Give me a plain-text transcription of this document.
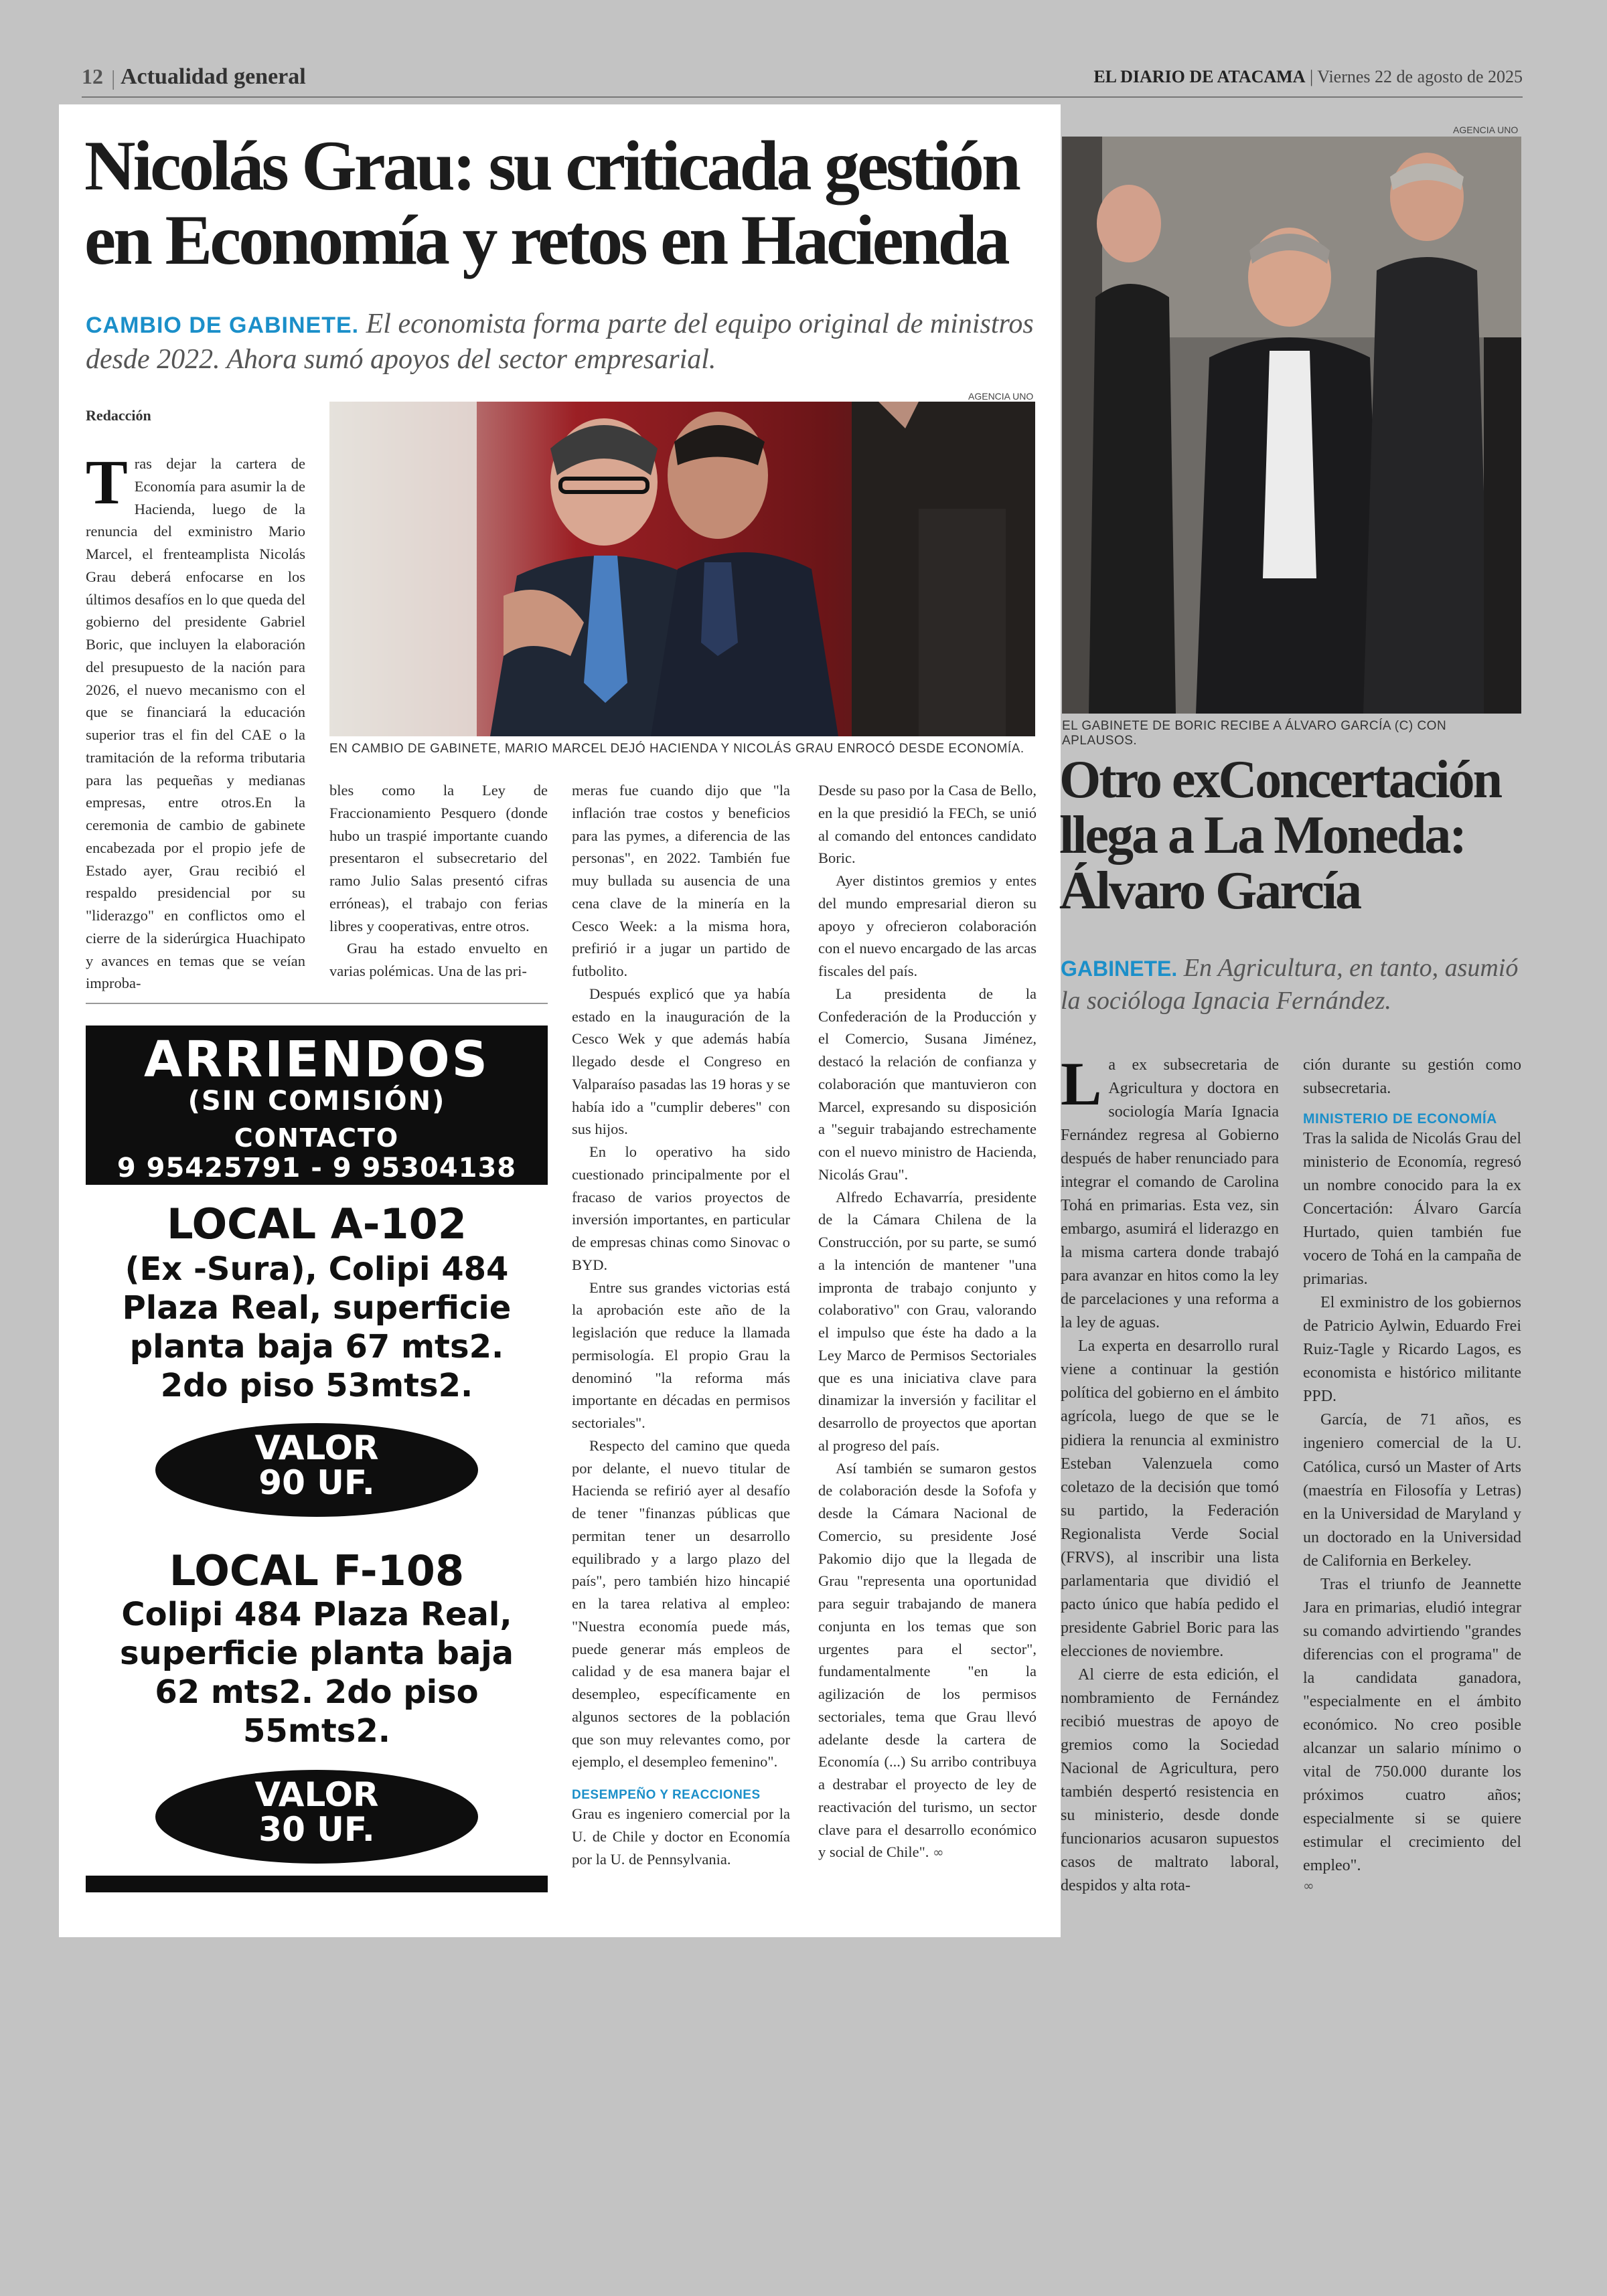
12 | Actualidad general	EL DIARIO DE ATACAMA | Viernes 22 de agosto de 2025
Nicolás Grau: su criticada gestión en Economía y retos en Hacienda

CAMBIO DE GABINETE. El economista forma parte del equipo original de ministros desde 2022. Ahora sumó apoyos del sector empresarial.

Redacción
AGENCIA UNO
EN CAMBIO DE GABINETE, MARIO MARCEL DEJÓ HACIENDA Y NICOLÁS GRAU ENROCÓ DESDE ECONOMÍA.

Tras dejar la cartera de Economía para asumir la de Hacienda, luego de la renuncia del exministro Mario Marcel, el frenteamplista Nicolás Grau deberá enfocarse en los últimos desafíos en lo que queda del gobierno del presidente Gabriel Boric, que incluyen la elaboración del presupuesto de la nación para 2026, el nuevo mecanismo con el que se financiará la educación superior tras el fin del CAE o la tramitación de la reforma tributaria para las pequeñas y medianas empresas, entre otros.En la ceremonia de cambio de gabinete encabezada por el propio jefe de Estado ayer, Grau recibió el respaldo presidencial por su "liderazgo" en conflictos omo el cierre de la siderúrgica Huachipato y avances en temas que se veían improba-

bles como la Ley de Fraccionamiento Pesquero (donde hubo un traspié importante cuando presentaron el subsecretario del ramo Julio Salas presentó cifras erróneas), el trabajo con ferias libres y cooperativas, entre otros.

Grau ha estado envuelto en varias polémicas. Una de las pri-

meras fue cuando dijo que "la inflación trae costos y beneficios para las pymes, a diferencia de las personas", en 2022. También fue muy bullada su ausencia de una cena clave de la minería en la Cesco Week: a la misma hora, prefirió ir a jugar un partido de futbolito.

Después explicó que ya había estado en la inauguración de la Cesco Wek y que además había llegado desde el Congreso en Valparaíso pasadas las 19 horas y se había ido a "cumplir deberes" con sus hijos.

En lo operativo ha sido cuestionado principalmente por el fracaso de varios proyectos de inversión importantes, en particular de empresas chinas como Sinovac o BYD.

Entre sus grandes victorias está la aprobación este año de la legislación que reduce la llamada permisología. El propio Grau la denominó "la reforma más importante en décadas en permisos sectoriales".

Respecto del camino que queda por delante, el nuevo titular de Hacienda se refirió ayer al desafío de tener "finanzas públicas que permitan tener un desarrollo equilibrado y a largo plazo del país", pero también hizo hincapié en la tarea relativa al empleo: "Nuestra economía puede más, puede generar más empleos de calidad y de esa manera bajar el desempleo, específicamente en algunos sectores de la población que son muy relevantes como, por ejemplo, el desempleo femenino".

DESEMPEÑO Y REACCIONES

Grau es ingeniero comercial por la U. de Chile y doctor en Economía por la U. de Pennsylvania.

Desde su paso por la Casa de Bello, en la que presidió la FECh, se unió al comando del entonces candidato Boric.

Ayer distintos gremios y entes del mundo empresarial dieron su apoyo y ofrecieron colaboración con el nuevo encargado de las arcas fiscales del país.

La presidenta de la Confederación de la Producción y el Comercio, Susana Jiménez, destacó la relación de confianza y colaboración que mantuvieron con Marcel, expresando su disposición a "seguir trabajando estrechamente con el nuevo ministro de Hacienda, Nicolás Grau".

Alfredo Echavarría, presidente de la Cámara Chilena de la Construcción, por su parte, se sumó a la intención de mantener "una impronta de trabajo conjunto y colaborativo" con Grau, valorando el impulso que éste ha dado a la Ley Marco de Permisos Sectoriales que es una iniciativa clave para dinamizar la inversión y facilitar el desarrollo de proyectos que aportan al progreso del país.

Así también se sumaron gestos de colaboración desde la Sofofa y desde la Cámara Nacional de Comercio, su presidente José Pakomio dijo que la llegada de Grau "representa una oportunidad para seguir trabajando de manera conjunta en los temas que son urgentes para el sector", fundamentalmente "en la agilización de los permisos sectoriales, tema que Grau llevó adelante desde la cartera de Economía (...) Su arribo contribuya a destrabar el proyecto de ley de reactivación del turismo, un sector clave para el desarrollo económico y social de Chile". ∞

ARRIENDOS
(SIN COMISIÓN)
CONTACTO
9 95425791 - 9 95304138
LOCAL A-102
(Ex -Sura), Colipi 484
Plaza Real, superficie
planta baja 67 mts2.
2do piso 53mts2.
VALOR
90 UF.
LOCAL F-108
Colipi 484 Plaza Real,
superficie planta baja
62 mts2. 2do piso
55mts2.
VALOR
30 UF.
AGENCIA UNO
EL GABINETE DE BORIC RECIBE A ÁLVARO GARCÍA (C) CON APLAUSOS.
Otro exConcertación llega a La Moneda: Álvaro García

GABINETE. En Agricultura, en tanto, asumió la socióloga Ignacia Fernández.

La ex subsecretaria de Agricultura y doctora en sociología María Ignacia Fernández regresa al Gobierno después de haber renunciado para integrar el comando de Carolina Tohá en primarias. Esta vez, sin embargo, asumirá el liderazgo en la misma cartera donde trabajó para avanzar en hitos como la ley de parcelaciones y una reforma a la ley de aguas.

La experta en desarrollo rural viene a continuar la gestión política del gobierno en el ámbito agrícola, luego de que se le pidiera la renuncia al exministro Esteban Valenzuela como coletazo de la decisión que tomó su partido, la Federación Regionalista Verde Social (FRVS), al inscribir una lista parlamentaria que dividió el pacto único que había pedido el presidente Gabriel Boric para las elecciones de noviembre.

Al cierre de esta edición, el nombramiento de Fernández recibió muestras de apoyo de gremios como la Sociedad Nacional de Agricultura, pero también despertó resistencia en su ministerio, desde donde funcionarios acusaron supuestos casos de maltrato laboral, despidos y alta rota-

ción durante su gestión como subsecretaria.

MINISTERIO DE ECONOMÍA

Tras la salida de Nicolás Grau del ministerio de Economía, regresó un nombre conocido para la ex Concertación: Álvaro García Hurtado, quien también fue vocero de Tohá en la campaña de primarias.

El exministro de los gobiernos de Patricio Aylwin, Eduardo Frei Ruiz-Tagle y Ricardo Lagos, es economista e histórico militante PPD.

García, de 71 años, es ingeniero comercial de la U. Católica, cursó un Master of Arts (maestría en Filosofía y Letras) en la Universidad de Maryland y un doctorado en la Universidad de California en Berkeley.

Tras el triunfo de Jeannette Jara en primarias, eludió integrar su comando advirtiendo "grandes diferencias con el programa" de la candidata ganadora, "especialmente en el ámbito económico. No creo posible alcanzar un salario mínimo o vital de 750.000 durante los próximos cuatro años; especialmente si se quiere estimular el crecimiento del empleo".

∞
